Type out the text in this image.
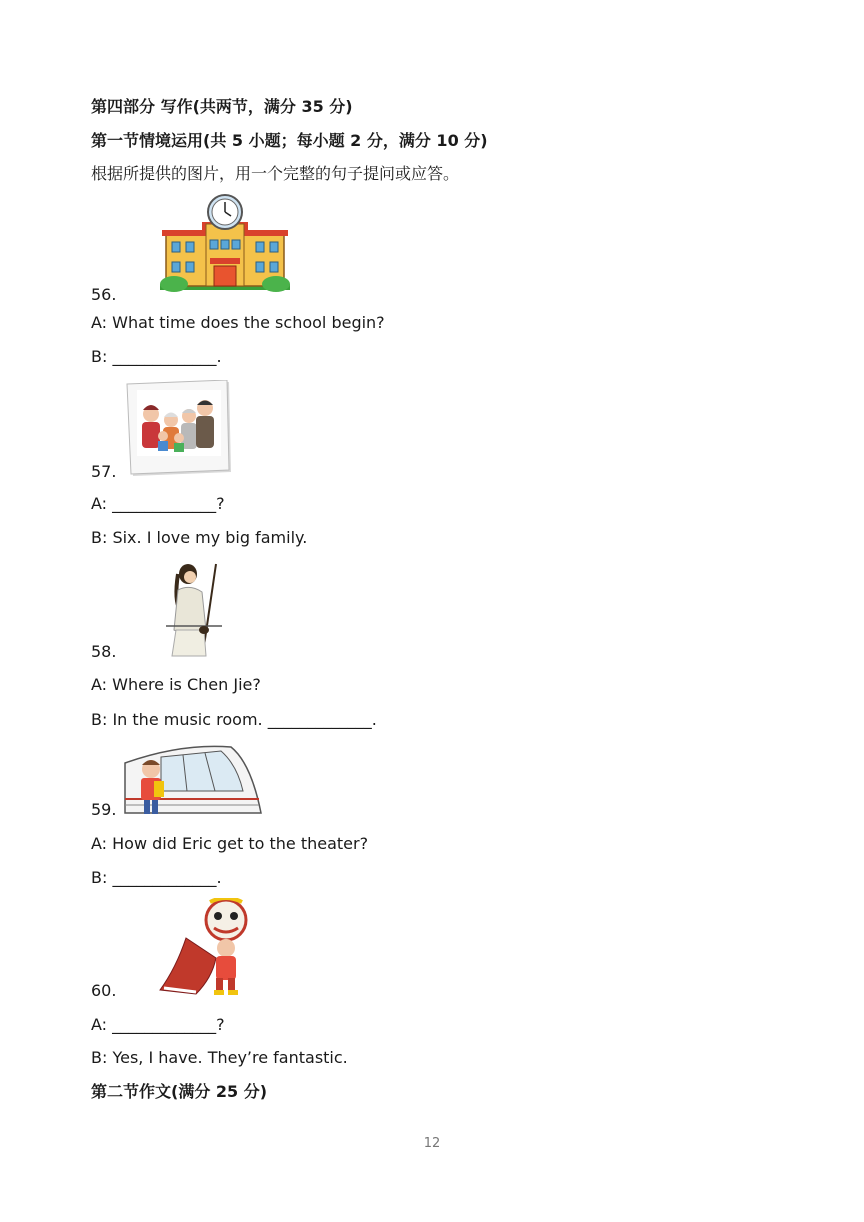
第四部分 写作(共两节，满分 35 分)
第一节情境运用(共 5 小题；每小题 2 分，满分 10 分)
根据所提供的图片，用一个完整的句子提问或应答。
56.
A: What time does the school begin?
B: _____________.
57.
A: _____________?
B: Six. I love my big family.
58.
A: Where is Chen Jie?
B: In the music room. _____________.
59.
A: How did Eric get to the theater?
B: _____________.
60.
A: _____________?
B: Yes, I have. They’re fantastic.
第二节作文(满分 25 分)
12
